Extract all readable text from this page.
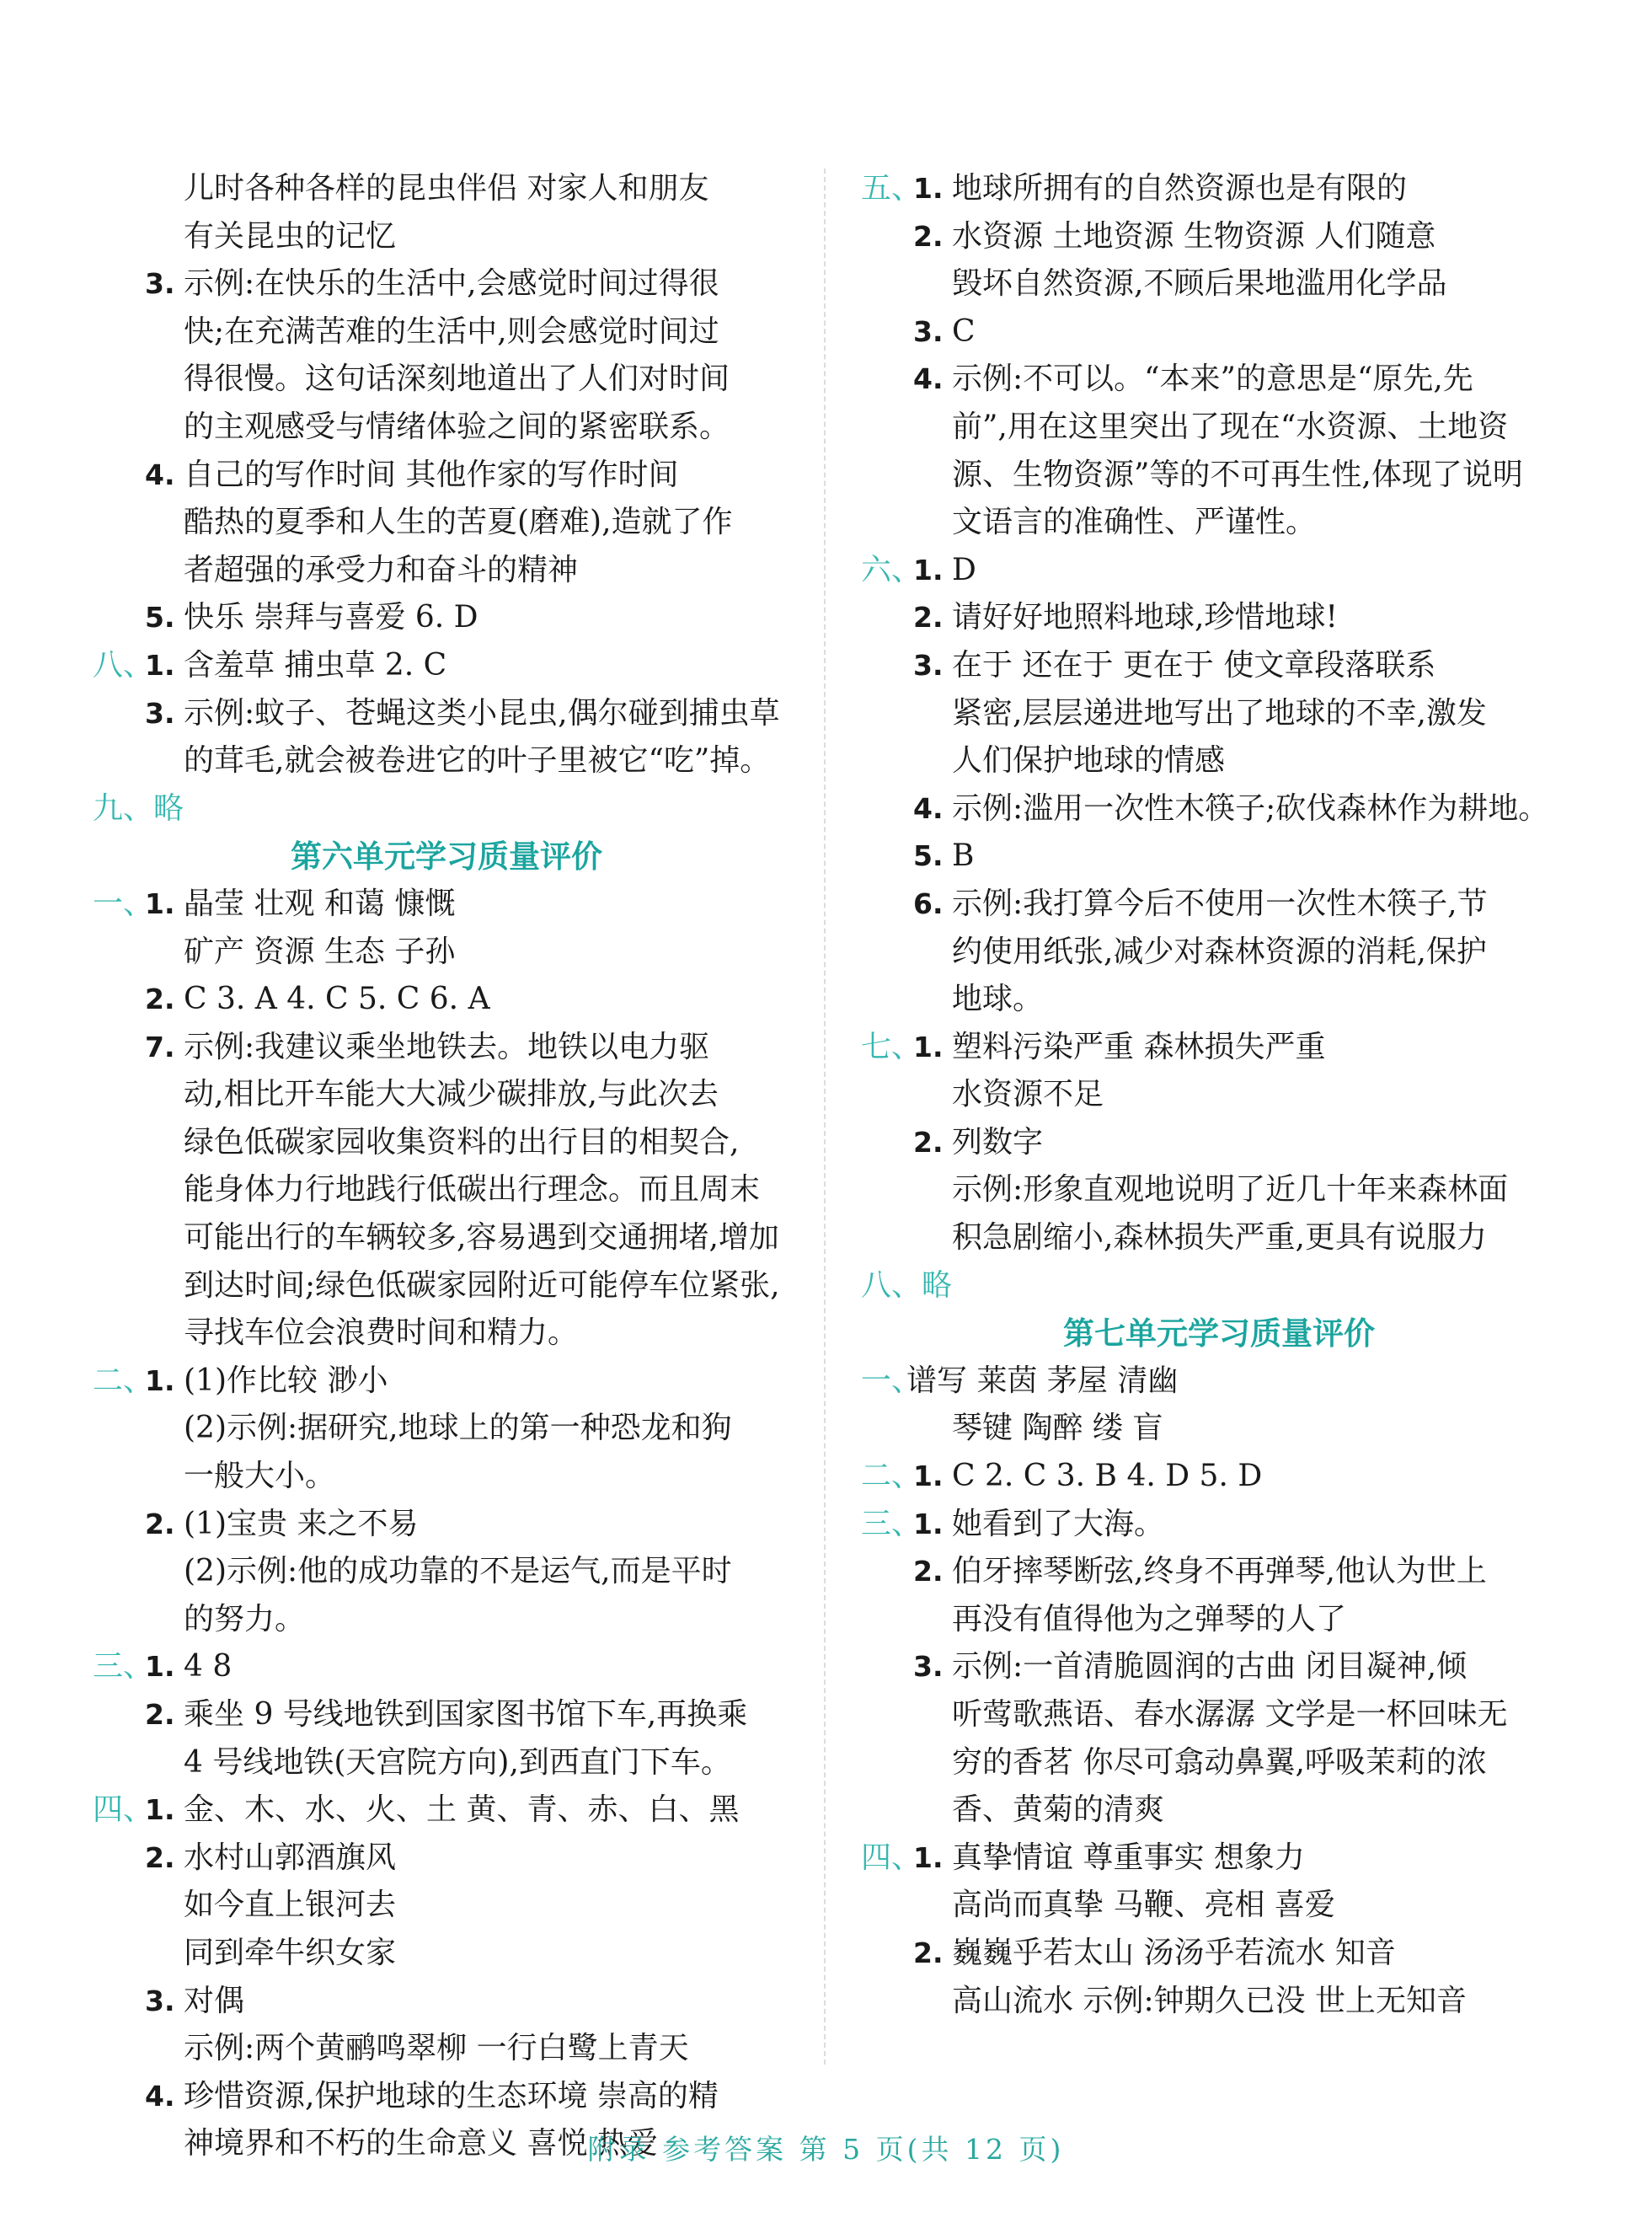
儿时各种各样的昆虫伴侣 对家人和朋友
有关昆虫的记忆
3. 示例:在快乐的生活中,会感觉时间过得很
快;在充满苦难的生活中,则会感觉时间过
得很慢。这句话深刻地道出了人们对时间
的主观感受与情绪体验之间的紧密联系。
4. 自己的写作时间 其他作家的写作时间
酷热的夏季和人生的苦夏(磨难),造就了作
者超强的承受力和奋斗的精神
5. 快乐 崇拜与喜爱 6. D
八、
1. 含羞草 捕虫草 2. C
3. 示例:蚊子、苍蝇这类小昆虫,偶尔碰到捕虫草
的茸毛,就会被卷进它的叶子里被它“吃”掉。
九、略
第六单元学习质量评价
一、
1. 晶莹 壮观 和蔼 慷慨
矿产 资源 生态 子孙
2. C 3. A 4. C 5. C 6. A
7. 示例:我建议乘坐地铁去。地铁以电力驱
动,相比开车能大大减少碳排放,与此次去
绿色低碳家园收集资料的出行目的相契合,
能身体力行地践行低碳出行理念。而且周末
可能出行的车辆较多,容易遇到交通拥堵,增加
到达时间;绿色低碳家园附近可能停车位紧张,
寻找车位会浪费时间和精力。
二、
1. (1)作比较 渺小
(2)示例:据研究,地球上的第一种恐龙和狗
一般大小。
2. (1)宝贵 来之不易
(2)示例:他的成功靠的不是运气,而是平时
的努力。
三、
1. 4 8
2. 乘坐 9 号线地铁到国家图书馆下车,再换乘
4 号线地铁(天宫院方向),到西直门下车。
四、
1. 金、木、水、火、土 黄、青、赤、白、黑
2. 水村山郭酒旗风
如今直上银河去
同到牵牛织女家
3. 对偶
示例:两个黄鹂鸣翠柳 一行白鹭上青天
4. 珍惜资源,保护地球的生态环境 崇高的精
神境界和不朽的生命意义 喜悦 热爱
五、
1. 地球所拥有的自然资源也是有限的
2. 水资源 土地资源 生物资源 人们随意
毁坏自然资源,不顾后果地滥用化学品
3. C
4. 示例:不可以。“本来”的意思是“原先,先
前”,用在这里突出了现在“水资源、土地资
源、生物资源”等的不可再生性,体现了说明
文语言的准确性、严谨性。
六、
1. D
2. 请好好地照料地球,珍惜地球!
3. 在于 还在于 更在于 使文章段落联系
紧密,层层递进地写出了地球的不幸,激发
人们保护地球的情感
4. 示例:滥用一次性木筷子;砍伐森林作为耕地。
5. B
6. 示例:我打算今后不使用一次性木筷子,节
约使用纸张,减少对森林资源的消耗,保护
地球。
七、
1. 塑料污染严重 森林损失严重
水资源不足
2. 列数字
示例:形象直观地说明了近几十年来森林面
积急剧缩小,森林损失严重,更具有说服力
八、略
第七单元学习质量评价
一、
谱写 莱茵 茅屋 清幽
琴键 陶醉 缕 盲
二、
1. C 2. C 3. B 4. D 5. D
三、
1. 她看到了大海。
2. 伯牙摔琴断弦,终身不再弹琴,他认为世上
再没有值得他为之弹琴的人了
3. 示例:一首清脆圆润的古曲 闭目凝神,倾
听莺歌燕语、春水潺潺 文学是一杯回味无
穷的香茗 你尽可翕动鼻翼,呼吸茉莉的浓
香、黄菊的清爽
四、
1. 真挚情谊 尊重事实 想象力
高尚而真挚 马鞭、亮相 喜爱
2. 巍巍乎若太山 汤汤乎若流水 知音
高山流水 示例:钟期久已没 世上无知音
附录 参考答案 第 5 页(共 12 页)
